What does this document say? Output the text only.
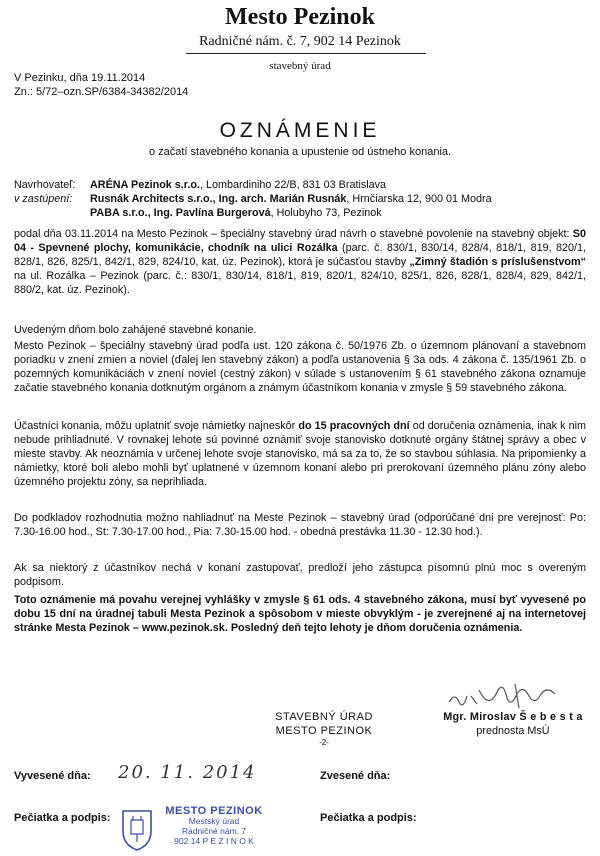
Mesto Pezinok
Radničné nám. č. 7, 902 14 Pezinok
stavebný úrad
V Pezinku, dňa 19.11.2014
Zn.: 5/72–ozn.SP/6384-34382/2014
OZNÁMENIE
o začatí stavebného konania a upustenie od ústneho konania.
Navrhovateľ:	ARÉNA Pezinok s.r.o., Lombardiniho 22/B, 831 03 Bratislava
v zastúpení:	Rusnák Architects s.r.o., Ing. arch. Marián Rusnák, Hrnčiarska 12, 900 01 Modra
PABA s.r.o., Ing. Pavlína Burgerová, Holubyho 73, Pezinok
podal dňa 03.11.2014 na Mesto Pezinok – špeciálny stavebný úrad návrh o stavebné povolenie na stavebný objekt: S0 04 - Spevnené plochy, komunikácie, chodník na ulici Rozálka (parc. č. 830/1, 830/14, 828/4, 818/1, 819, 820/1, 828/1, 826, 825/1, 842/1, 829, 824/10, kat. úz. Pezinok), ktorá je súčasťou stavby „Zimný štadión s príslušenstvom“ na ul. Rozálka – Pezinok (parc. č.: 830/1, 830/14, 818/1, 819, 820/1, 824/10, 825/1, 826, 828/1, 828/4, 829, 842/1, 880/2, kat. úz. Pezinok).
Uvedeným dňom bolo zahájené stavebné konanie.
Mesto Pezinok – špeciálny stavebný úrad podľa ust. 120 zákona č. 50/1976 Zb. o územnom plánovaní a stavebnom poriadku v znení zmien a noviel (ďalej len stavebný zákon) a podľa ustanovenia § 3a ods. 4 zákona č. 135/1961 Zb. o pozemných komunikáciách v znení noviel (cestný zákon) v súlade s ustanovením § 61 stavebného zákona oznamuje začatie stavebného konania dotknutým orgánom a známym účastníkom konania v zmysle § 59 stavebného zákona.
Účastníci konania, môžu uplatniť svoje námietky najneskôr do 15 pracovných dní od doručenia oznámenia, inak k nim nebude prihliadnuté. V rovnakej lehote sú povinné oznámiť svoje stanovisko dotknuté orgány štátnej správy a obec v mieste stavby. Ak neoznámia v určenej lehote svoje stanovisko, má sa za to, že so stavbou súhlasia. Na pripomienky a námietky, ktoré boli alebo mohli byť uplatnené v územnom konaní alebo pri prerokovaní územného plánu zóny alebo územného projektu zóny, sa neprihliada.
Do podkladov rozhodnutia možno nahliadnuť na Meste Pezinok – stavebný úrad (odporúčané dni pre verejnosť: Po: 7.30-16.00 hod., St: 7.30-17.00 hod., Pia: 7.30-15.00 hod. - obedná prestávka 11.30 - 12.30 hod.).
Ak sa niektorý z účastníkov nechá v konaní zastupovať, predloží jeho zástupca písomnú plnú moc s overeným podpisom.
Toto oznámenie má povahu verejnej vyhlášky v zmysle § 61 ods. 4 stavebného zákona, musí byť vyvesené po dobu 15 dní na úradnej tabuli Mesta Pezinok a spôsobom v mieste obvyklým - je zverejnené aj na internetovej stránke Mesta Pezinok – www.pezinok.sk. Posledný deň tejto lehoty je dňom doručenia oznámenia.
STAVEBNÝ ÚRAD
MESTO PEZINOK
-2-
Mgr. Miroslav Š e b e s t a
prednosta MsÚ
Vyvesené dňa: 20. 11. 2014	Zvesené dňa:
Pečiatka a podpis:	Pečiatka a podpis:
MESTO PEZINOK
Mestský úrad
Radničné nám. 7
902 14 P E Z I N O K
